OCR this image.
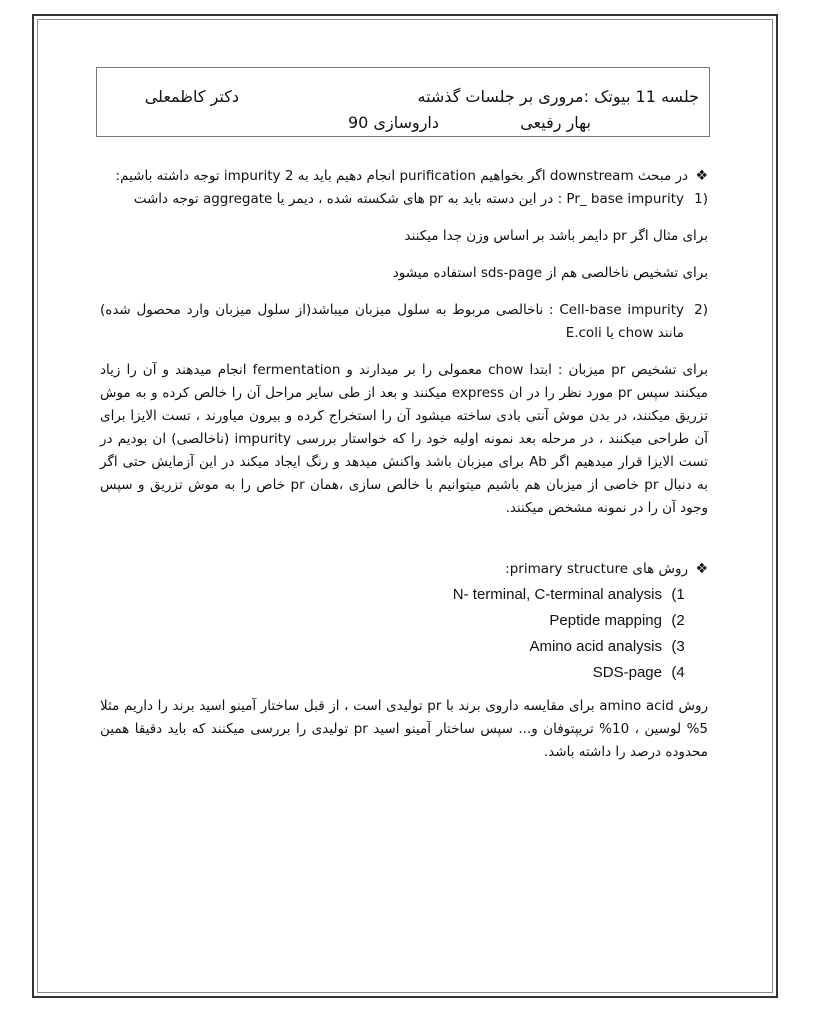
جلسه 11 بیوتک :مروری بر جلسات گذشته
دکتر کاظمعلی
بهار رفیعی
داروسازی 90
❖

در مبحث downstream اگر بخواهیم purification انجام دهیم باید به 2 impurity توجه داشته باشیم:

(1

Pr_ base impurity : در این دسته باید به pr های شکسته شده ، دیمر یا aggregate توجه داشت

برای مثال اگر pr دایمر باشد بر اساس وزن جدا میکنند

برای تشخیص ناخالصی هم از sds-page استفاده میشود

(2

Cell-base impurity : ناخالصی مربوط به سلول میزبان میباشد(از سلول میزبان وارد محصول شده) مانند chow یا E.coli

برای تشخیص pr میزبان : ابتدا chow معمولی را بر میدارند و fermentation انجام میدهند و آن را زیاد میکنند سپس pr مورد نظر را در ان express میکنند و بعد از طی سایر مراحل آن را خالص کرده و به موش تزریق میکنند، در بدن موش آنتی بادی ساخته میشود آن را استخراج کرده و بیرون میاورند ، تست الایزا برای آن طراحی میکنند ، در مرحله بعد نمونه اولیه خود را که خواستار بررسی impurity (ناخالصی) ان بودیم در تست الایزا قرار میدهیم اگر Ab برای میزبان باشد واکنش میدهد و رنگ ایجاد میکند در این آزمایش حتی اگر به دنبال pr خاصی از میزبان هم باشیم میتوانیم با خالص سازی ،همان pr خاص را به موش تزریق و سپس وجود آن را در نمونه مشخص میکنند.

❖

روش های primary structure:

(1
N- terminal, C-terminal analysis
(2
Peptide mapping
(3
Amino acid analysis
(4
SDS-page

روش amino acid برای مقایسه داروی برند با pr تولیدی است ، از قبل ساختار آمینو اسید برند را داریم مثلا 5% لوسین ، 10% تریپتوفان و... سپس ساختار آمینو اسید pr تولیدی را بررسی میکنند که باید دقیقا همین محدوده درصد را داشته باشد.
